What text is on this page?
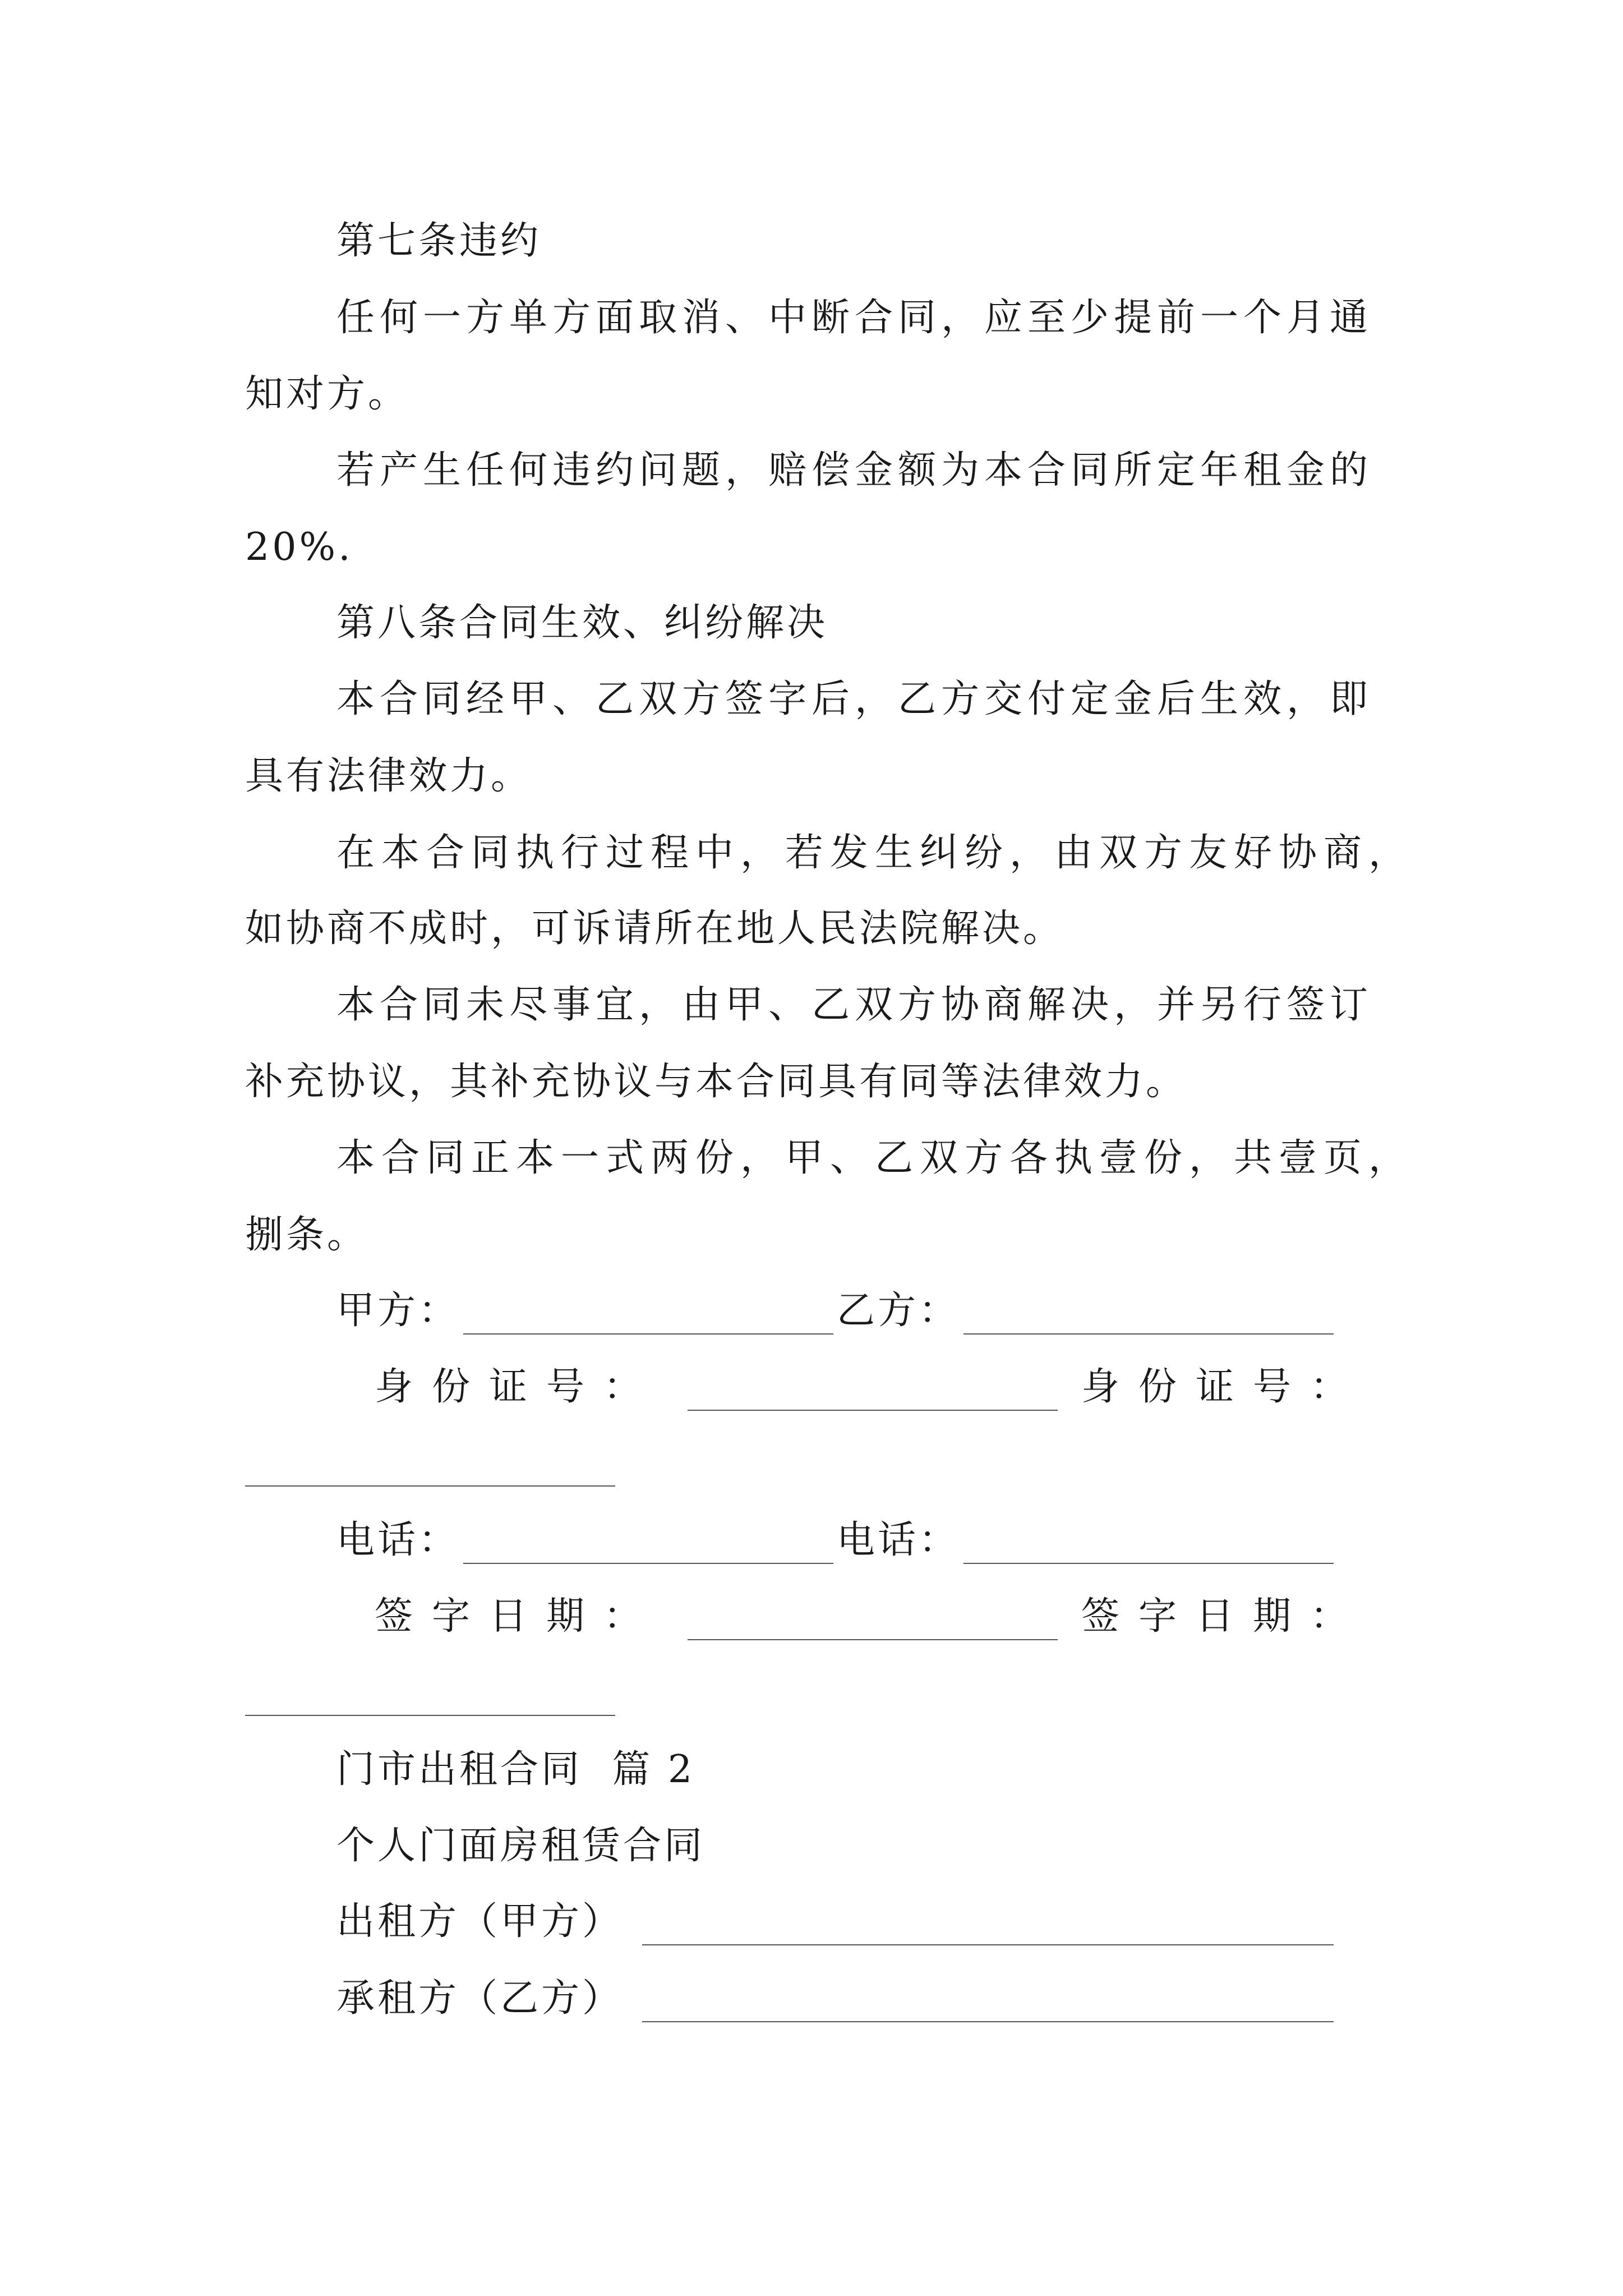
第七条违约
任何一方单方面取消、中断合同，应至少提前一个月通
知对方。
若产生任何违约问题，赔偿金额为本合同所定年租金的
20%.
第八条合同生效、纠纷解决
本合同经甲、乙双方签字后，乙方交付定金后生效，即
具有法律效力。
在本合同执行过程中，若发生纠纷，由双方友好协商，
如协商不成时，可诉请所在地人民法院解决。
本合同未尽事宜，由甲、乙双方协商解决，并另行签订
补充协议，其补充协议与本合同具有同等法律效力。
本合同正本一式两份，甲、乙双方各执壹份，共壹页，
捌条。
甲方：	乙方：
身份证号：	身份证号：
电话：	电话：
签字日期：	签字日期：
门市出租合同  篇 2
个人门面房租赁合同
出租方（甲方）
承租方（乙方）
